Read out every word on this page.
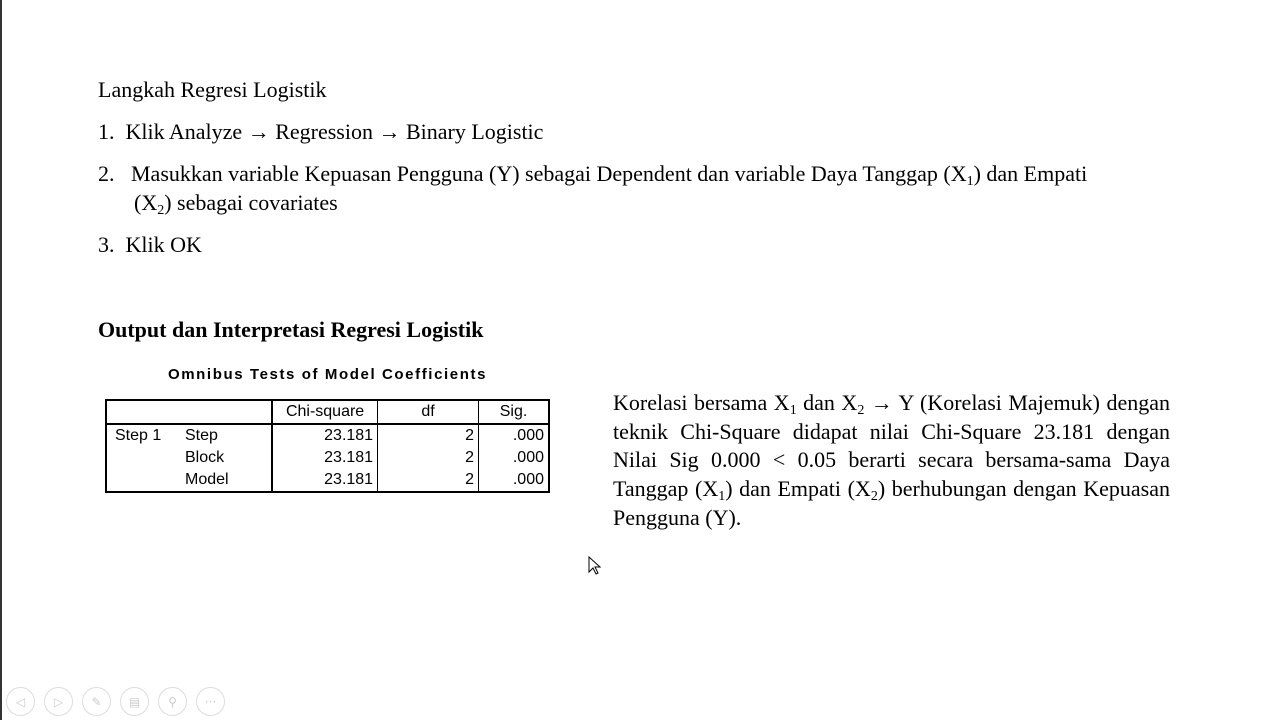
Langkah Regresi Logistik
1. Klik Analyze → Regression → Binary Logistic
2. Masukkan variable Kepuasan Pengguna (Y) sebagai Dependent dan variable Daya Tanggap $(X_1)$ dan Empati
$(X_2)$ sebagai covariates
3. Klik OK
Output dan Interpretasi Regresi Logistik
Omnibus Tests of Model Coefficients
		Chi-square	df	Sig.
Step 1	Step	23.181	2	.000
	Block	23.181	2	.000
	Model	23.181	2	.000
Korelasi bersama $X_1$ dan $X_2 \to Y$ (Korelasi Majemuk) dengan teknik Chi-Square didapat nilai Chi-Square 23.181 dengan Nilai Sig 0.000 < 0.05 berarti secara bersama-sama Daya Tanggap $(X_1)$ dan Empati $(X_2)$ berhubungan dengan Kepuasan Pengguna (Y).
◁	▷	✎	▤	⚲	···
